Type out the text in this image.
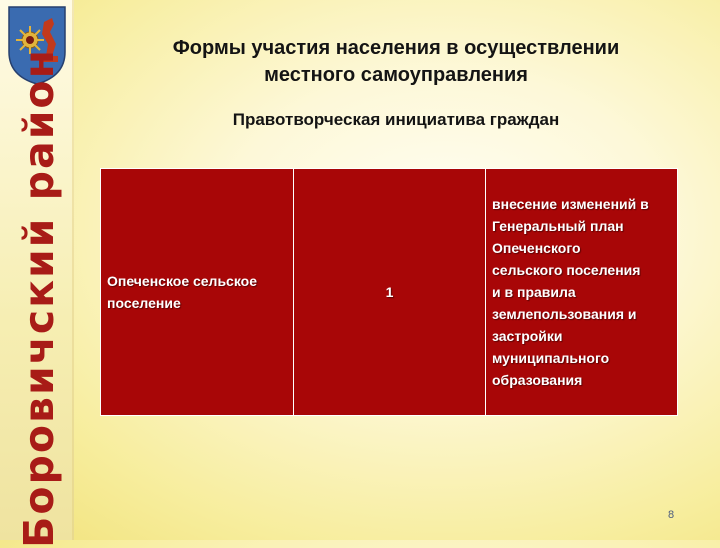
Боровичский район
Формы участия населения в осуществлении
местного самоуправления
Правотворческая инициатива граждан
Опеченское сельское
поселение

1

внесение изменений в
Генеральный план
Опеченского
сельского поселения
и в правила
землепользования и
застройки
муниципального
образования
8
